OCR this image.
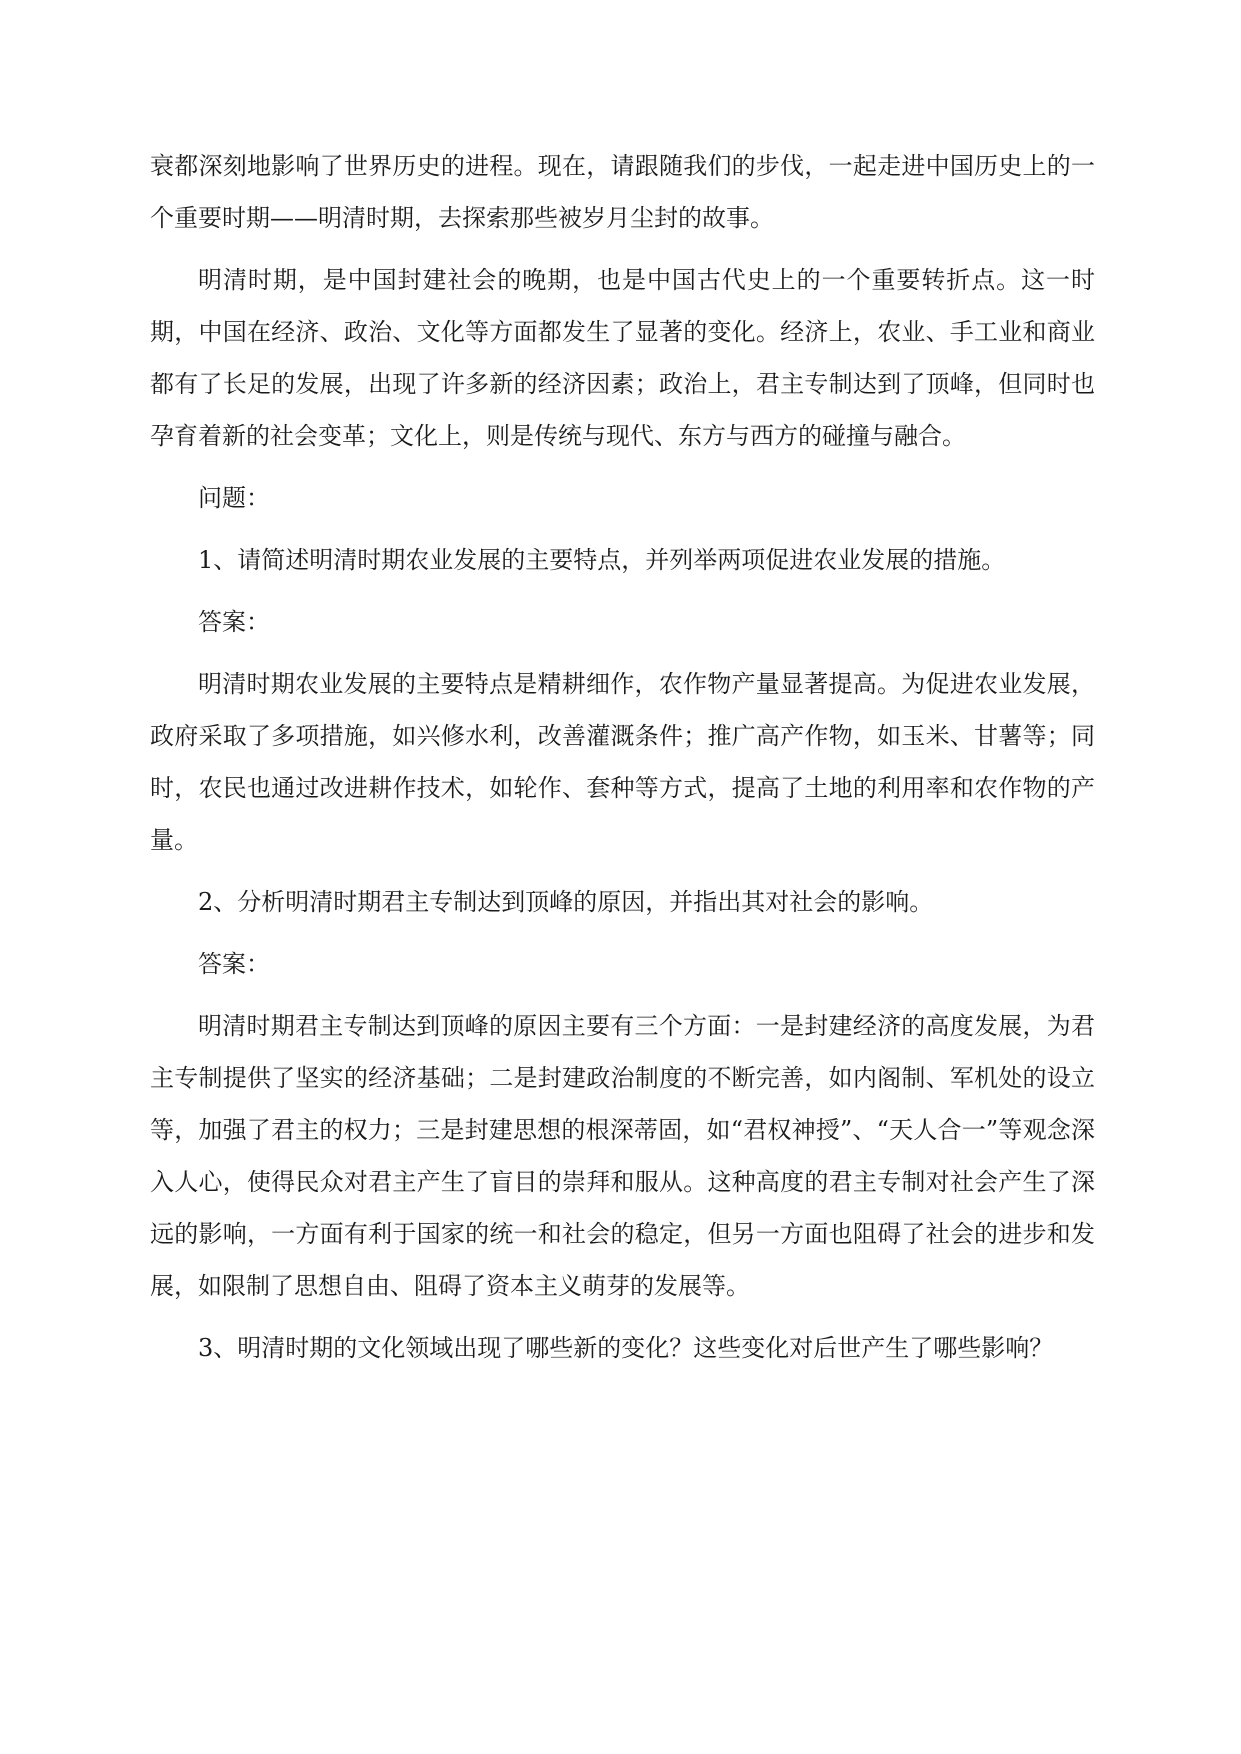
衰都深刻地影响了世界历史的进程。现在，请跟随我们的步伐，一起走进中国历史上的一个重要时期——明清时期，去探索那些被岁月尘封的故事。

明清时期，是中国封建社会的晚期，也是中国古代史上的一个重要转折点。这一时期，中国在经济、政治、文化等方面都发生了显著的变化。经济上，农业、手工业和商业都有了长足的发展，出现了许多新的经济因素；政治上，君主专制达到了顶峰，但同时也孕育着新的社会变革；文化上，则是传统与现代、东方与西方的碰撞与融合。

问题：

1、请简述明清时期农业发展的主要特点，并列举两项促进农业发展的措施。

答案：

明清时期农业发展的主要特点是精耕细作，农作物产量显著提高。为促进农业发展，政府采取了多项措施，如兴修水利，改善灌溉条件；推广高产作物，如玉米、甘薯等；同时，农民也通过改进耕作技术，如轮作、套种等方式，提高了土地的利用率和农作物的产量。

2、分析明清时期君主专制达到顶峰的原因，并指出其对社会的影响。

答案：

明清时期君主专制达到顶峰的原因主要有三个方面：一是封建经济的高度发展，为君主专制提供了坚实的经济基础；二是封建政治制度的不断完善，如内阁制、军机处的设立等，加强了君主的权力；三是封建思想的根深蒂固，如“君权神授”、“天人合一”等观念深入人心，使得民众对君主产生了盲目的崇拜和服从。这种高度的君主专制对社会产生了深远的影响，一方面有利于国家的统一和社会的稳定，但另一方面也阻碍了社会的进步和发展，如限制了思想自由、阻碍了资本主义萌芽的发展等。

3、明清时期的文化领域出现了哪些新的变化？这些变化对后世产生了哪些影响？
